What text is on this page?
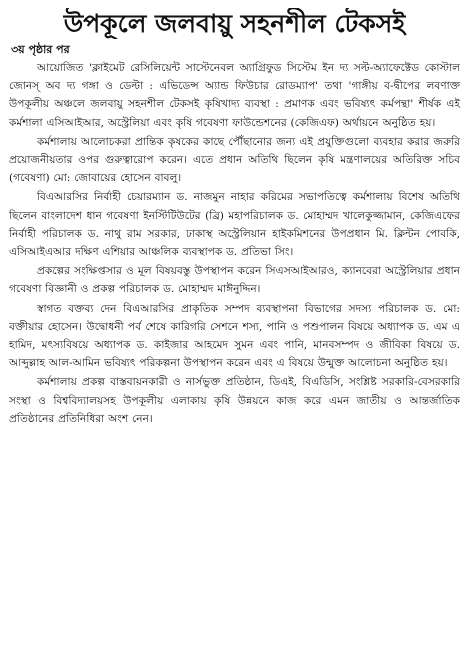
উপকূলে জলবায়ু সহনশীল টেকসই
৩য় পৃষ্ঠার পর

আয়োজিত 'ক্লাইমেট রেসিলিয়েন্ট সাস্টেনেবল অ্যাগ্রিফুড সিস্টেম ইন দ্য সল্ট-অ্যাফেক্টেড কোস্টাল জোনস্ অব দ্য গঙ্গা ও ডেল্টা : এভিডেন্স অ্যান্ড ফিউচার রোডম্যাপ' তথা 'গাঙ্গীয় ব-দ্বীপের লবণাক্ত উপকূলীয় অঞ্চলে জলবায়ু সহনশীল টেকসই কৃষিখাদ্য ব্যবস্থা : প্রমাণক এবং ভবিষ্যৎ কর্মপন্থা' শীর্ষক এই কর্মশালা এসিআইআর, অস্ট্রেলিয়া এবং কৃষি গবেষণা ফাউন্ডেশনের (কেজিএফ) অর্থায়নে অনুষ্ঠিত হয়।

কর্মশালায় আলোচকরা প্রান্তিক কৃষকের কাছে পৌঁছানোর জন্য এই প্রযুক্তিগুলো ব্যবহার করার জরুরি প্রয়োজনীয়তার ওপর গুরুত্বারোপ করেন। এতে প্রধান অতিথি ছিলেন কৃষি মন্ত্রণালয়ের অতিরিক্ত সচিব (গবেষণা) মো: জোবায়ের হোসেন বাবলু।

বিএআরসির নির্বাহী চেয়ারম্যান ড. নাজমুন নাহার করিমের সভাপতিত্বে কর্মশালায় বিশেষ অতিথি ছিলেন বাংলাদেশ ধান গবেষণা ইনস্টিটিউটের (ব্রি) মহাপরিচালক ড. মোহাম্মদ খালেকুজ্জামান, কেজিএফের নির্বাহী পরিচালক ড. নাথু রাম সরকার, ঢাকাস্থ অস্ট্রেলিয়ান হাইকমিশনের উপপ্রধান মি. ক্লিন্টন পোবকি, এসিআইএআর দক্ষিণ এশিয়ার আঞ্চলিক ব্যবস্থাপক ড. প্রতিভা সিং।

প্রকল্পের সংক্ষিপ্তসার ও মূল বিষয়বস্তু উপস্থাপন করেন সিএসআইআরও, ক্যানবেরা অস্ট্রেলিয়ার প্রধান গবেষণা বিজ্ঞানী ও প্রকল্প পরিচালক ড. মোহাম্মদ মাঈনুদ্দিন।

স্বাগত বক্তব্য দেন বিএআরসির প্রাকৃতিক সম্পদ ব্যবস্থাপনা বিভাগের সদস্য পরিচালক ড. মো: বক্তীয়ার হোসেন। উদ্বোধনী পর্ব শেষে কারিগরি সেশনে শস্য, পানি ও পশুপালন বিষয়ে অধ্যাপক ড. এম এ হামিদ, মৎস্যবিষয়ে অধ্যাপক ড. কাইজার আহমেদ সুমন এবং পানি, মানবসম্পদ ও জীবিকা বিষয়ে ড. আব্দুল্লাহ আল-আমিন ভবিষ্যৎ পরিকল্পনা উপস্থাপন করেন এবং এ বিষয়ে উন্মুক্ত আলোচনা অনুষ্ঠিত হয়।

কর্মশালায় প্রকল্প বাস্তবায়নকারী ও নার্সভুক্ত প্রতিষ্ঠান, ডিএই, বিএডিসি, সংশ্লিষ্ট সরকারি-বেসরকারি সংস্থা ও বিশ্ববিদ্যালয়সহ উপকূলীয় এলাকায় কৃষি উন্নয়নে কাজ করে এমন জাতীয় ও আন্তর্জাতিক প্রতিষ্ঠানের প্রতিনিধিরা অংশ নেন।
